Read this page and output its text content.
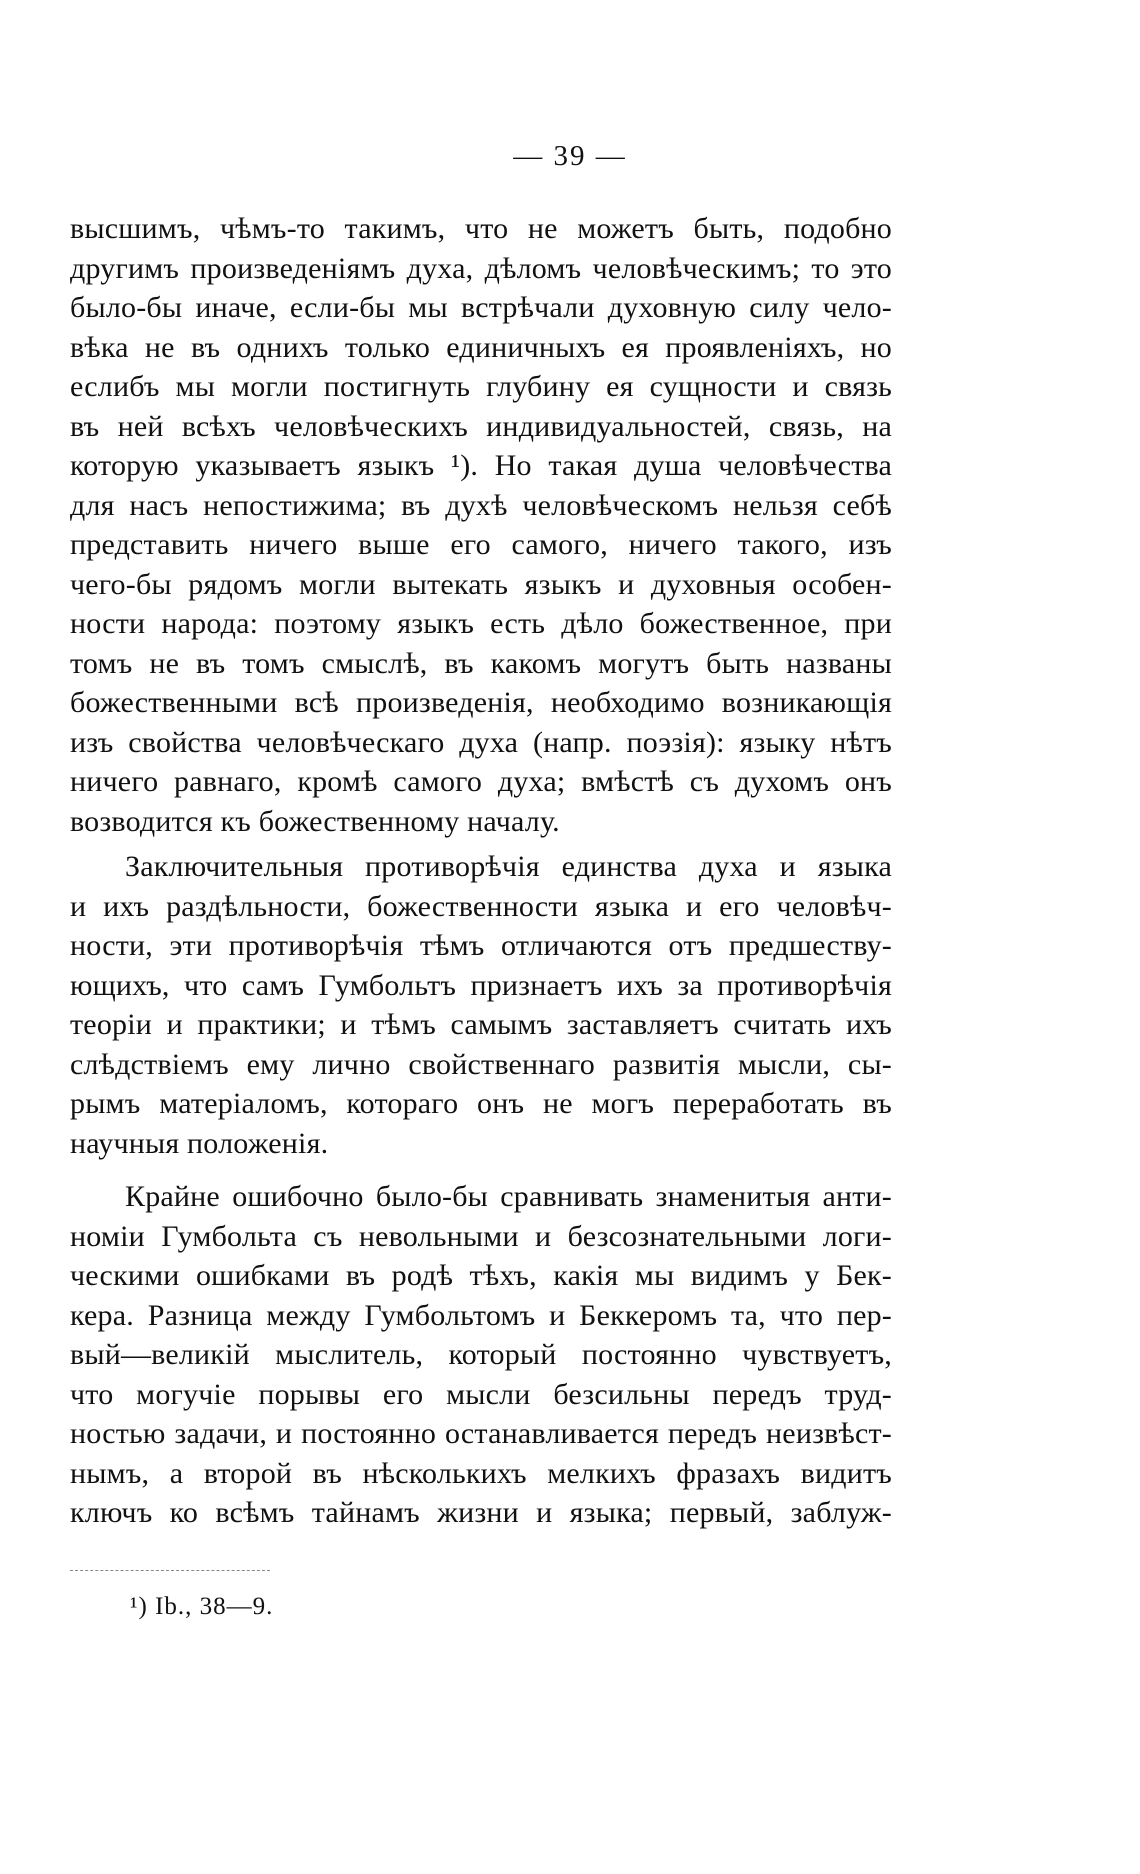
— 39 —
высшимъ, чѣмъ-то такимъ, что не можетъ быть, подобно
другимъ произведеніямъ духа, дѣломъ человѣческимъ; то это
было-бы иначе, если-бы мы встрѣчали духовную силу чело-
вѣка не въ однихъ только единичныхъ ея проявленіяхъ, но
еслибъ мы могли постигнуть глубину ея сущности и связь
въ ней всѣхъ человѣческихъ индивидуальностей, связь, на
которую указываетъ языкъ ¹). Но такая душа человѣчества
для насъ непостижима; въ духѣ человѣческомъ нельзя себѣ
представить ничего выше его самого, ничего такого, изъ
чего-бы рядомъ могли вытекать языкъ и духовныя особен-
ности народа: поэтому языкъ есть дѣло божественное, при
томъ не въ томъ смыслѣ, въ какомъ могутъ быть названы
божественными всѣ произведенія, необходимо возникающія
изъ свойства человѣческаго духа (напр. поэзія): языку нѣтъ
ничего равнаго, кромѣ самого духа; вмѣстѣ съ духомъ онъ
возводится къ божественному началу.
Заключительныя противорѣчія единства духа и языка
и ихъ раздѣльности, божественности языка и его человѣч-
ности, эти противорѣчія тѣмъ отличаются отъ предшеству-
ющихъ, что самъ Гумбольтъ признаетъ ихъ за противорѣчія
теоріи и практики; и тѣмъ самымъ заставляетъ считать ихъ
слѣдствіемъ ему лично свойственнаго развитія мысли, сы-
рымъ матеріаломъ, котораго онъ не могъ переработать въ
научныя положенія.
Крайне ошибочно было-бы сравнивать знаменитыя анти-
номіи Гумбольта съ невольными и безсознательными логи-
ческими ошибками въ родѣ тѣхъ, какія мы видимъ у Бек-
кера. Разница между Гумбольтомъ и Беккеромъ та, что пер-
вый—великій мыслитель, который постоянно чувствуетъ,
что могучіе порывы его мысли безсильны передъ труд-
ностью задачи, и постоянно останавливается передъ неизвѣст-
нымъ, а второй въ нѣсколькихъ мелкихъ фразахъ видитъ
ключъ ко всѣмъ тайнамъ жизни и языка; первый, заблуж-
¹) Ib., 38—9.
